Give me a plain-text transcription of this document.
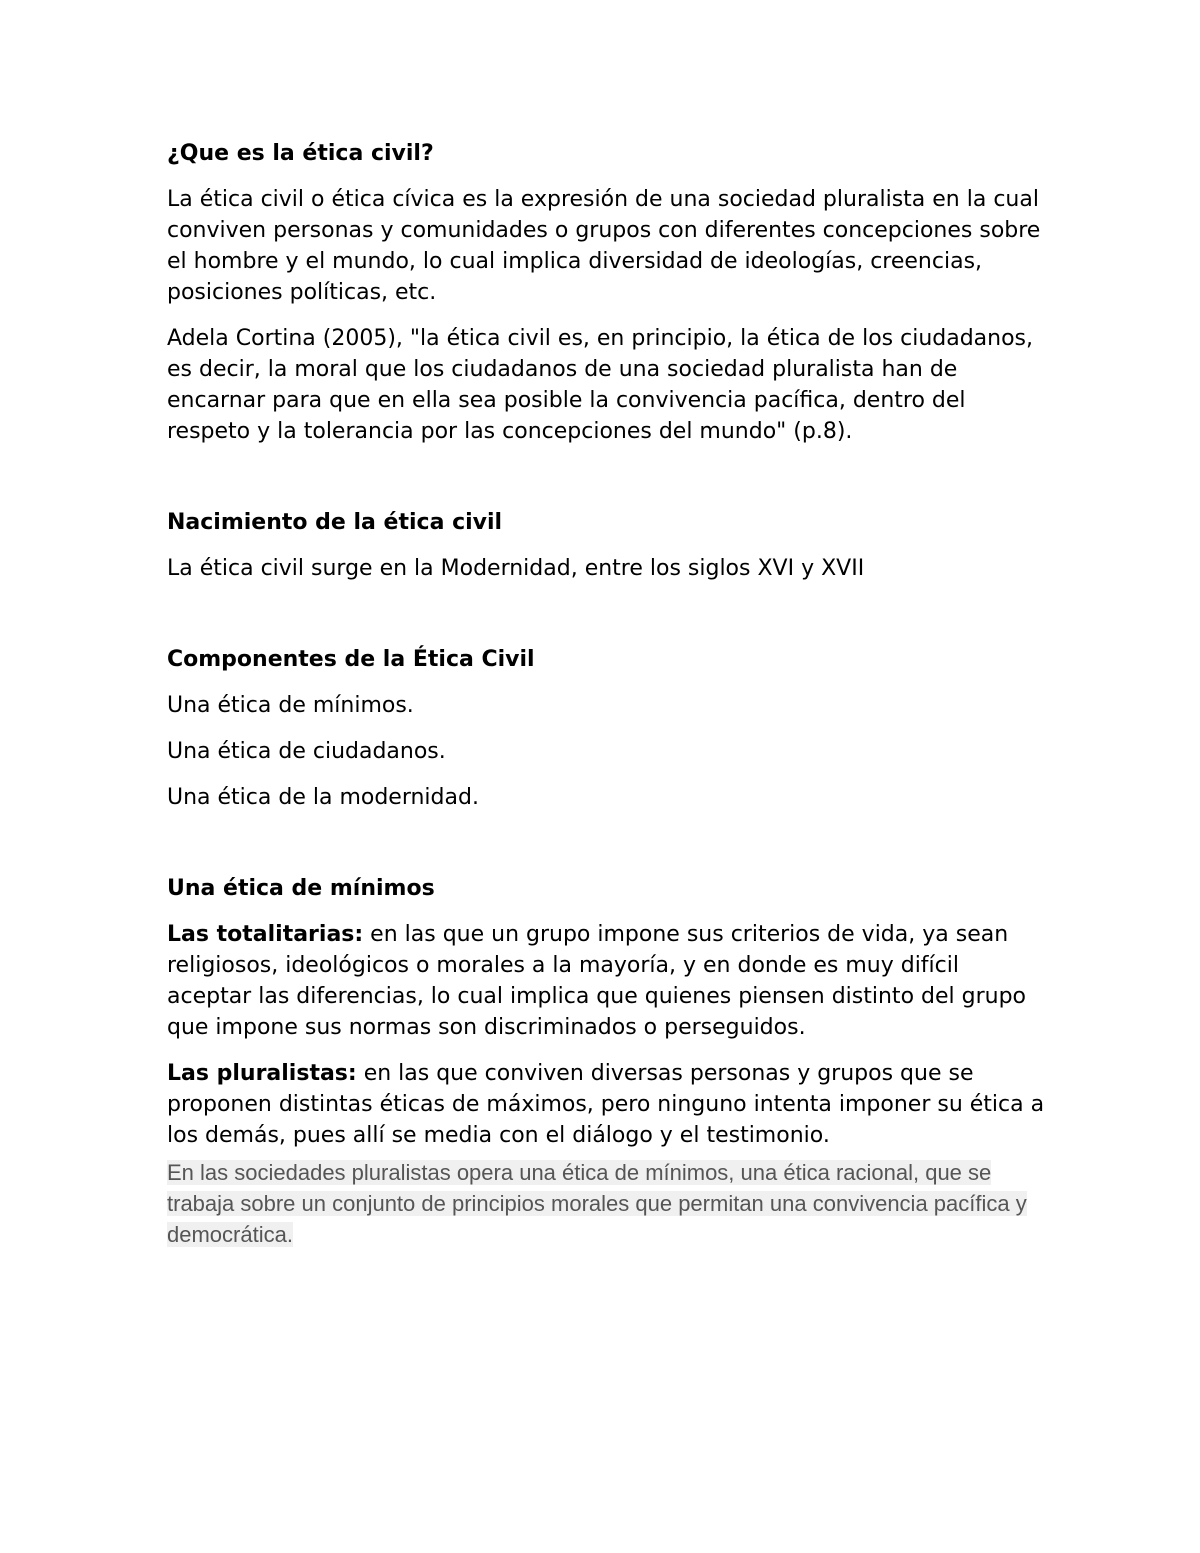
¿Que es la ética civil?

La ética civil o ética cívica es la expresión de una sociedad pluralista en la cual conviven personas y comunidades o grupos con diferentes concepciones sobre el hombre y el mundo, lo cual implica diversidad de ideologías, creencias, posiciones políticas, etc.

Adela Cortina (2005), "la ética civil es, en principio, la ética de los ciudadanos, es decir, la moral que los ciudadanos de una sociedad pluralista han de encarnar para que en ella sea posible la convivencia pacífica, dentro del respeto y la tolerancia por las concepciones del mundo" (p.8).

Nacimiento de la ética civil

La ética civil surge en la Modernidad, entre los siglos XVI y XVII

Componentes de la Ética Civil

Una ética de mínimos.

Una ética de ciudadanos.

Una ética de la modernidad.

Una ética de mínimos

Las totalitarias: en las que un grupo impone sus criterios de vida, ya sean religiosos, ideológicos o morales a la mayoría, y en donde es muy difícil aceptar las diferencias, lo cual implica que quienes piensen distinto del grupo que impone sus normas son discriminados o perseguidos.

Las pluralistas: en las que conviven diversas personas y grupos que se proponen distintas éticas de máximos, pero ninguno intenta imponer su ética a los demás, pues allí se media con el diálogo y el testimonio.

En las sociedades pluralistas opera una ética de mínimos, una ética racional, que se trabaja sobre un conjunto de principios morales que permitan una convivencia pacífica y democrática.
